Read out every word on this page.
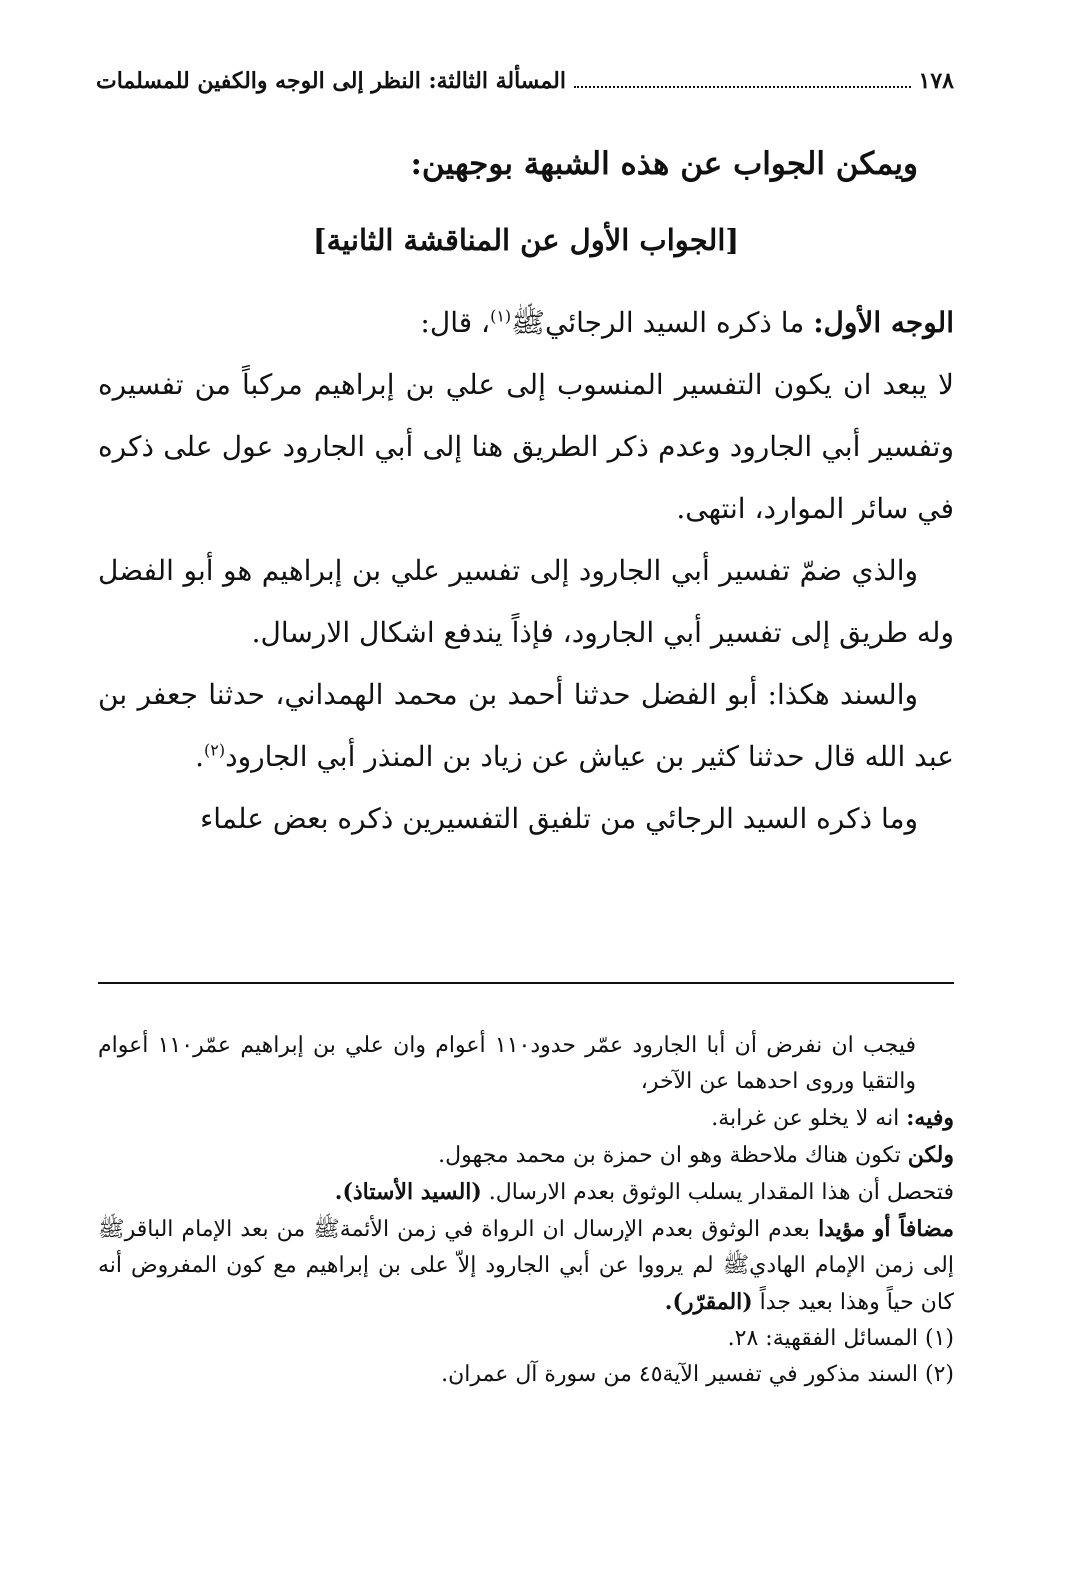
المسألة الثالثة: النظر إلى الوجه والكفين للمسلمات	١٧٨
ويمكن الجواب عن هذه الشبهة بوجهين:
[الجواب الأول عن المناقشة الثانية]

الوجه الأول: ما ذكره السيد الرجائيﷺ$^{(١)}$، قال:

لا يبعد ان يكون التفسير المنسوب إلى علي بن إبراهيم مركباً من تفسيره وتفسير أبي الجارود وعدم ذكر الطريق هنا إلى أبي الجارود عول على ذكره في سائر الموارد، انتهى.

والذي ضمّ تفسير أبي الجارود إلى تفسير علي بن إبراهيم هو أبو الفضل وله طريق إلى تفسير أبي الجارود، فإذاً يندفع اشكال الارسال.

والسند هكذا: أبو الفضل حدثنا أحمد بن محمد الهمداني، حدثنا جعفر بن عبد الله قال حدثنا كثير بن عياش عن زياد بن المنذر أبي الجارود$^{(٢)}$.

وما ذكره السيد الرجائي من تلفيق التفسيرين ذكره بعض علماء

فيجب ان نفرض أن أبا الجارود عمّر حدود١١٠ أعوام وان علي بن إبراهيم عمّر١١٠ أعوام والتقيا وروى احدهما عن الآخر،

وفيه: انه لا يخلو عن غرابة.

ولكن تكون هناك ملاحظة وهو ان حمزة بن محمد مجهول.

فتحصل أن هذا المقدار يسلب الوثوق بعدم الارسال. (السيد الأستاذ).

مضافاً أو مؤيدا بعدم الوثوق بعدم الإرسال ان الرواة في زمن الأئمةﷺ من بعد الإمام الباقرﷺ إلى زمن الإمام الهاديﷺ لم يرووا عن أبي الجارود إلاّ على بن إبراهيم مع كون المفروض أنه كان حياً وهذا بعيد جداً (المقرّر).

(١) المسائل الفقهية: ٢٨.

(٢) السند مذكور في تفسير الآية٤٥ من سورة آل عمران.
